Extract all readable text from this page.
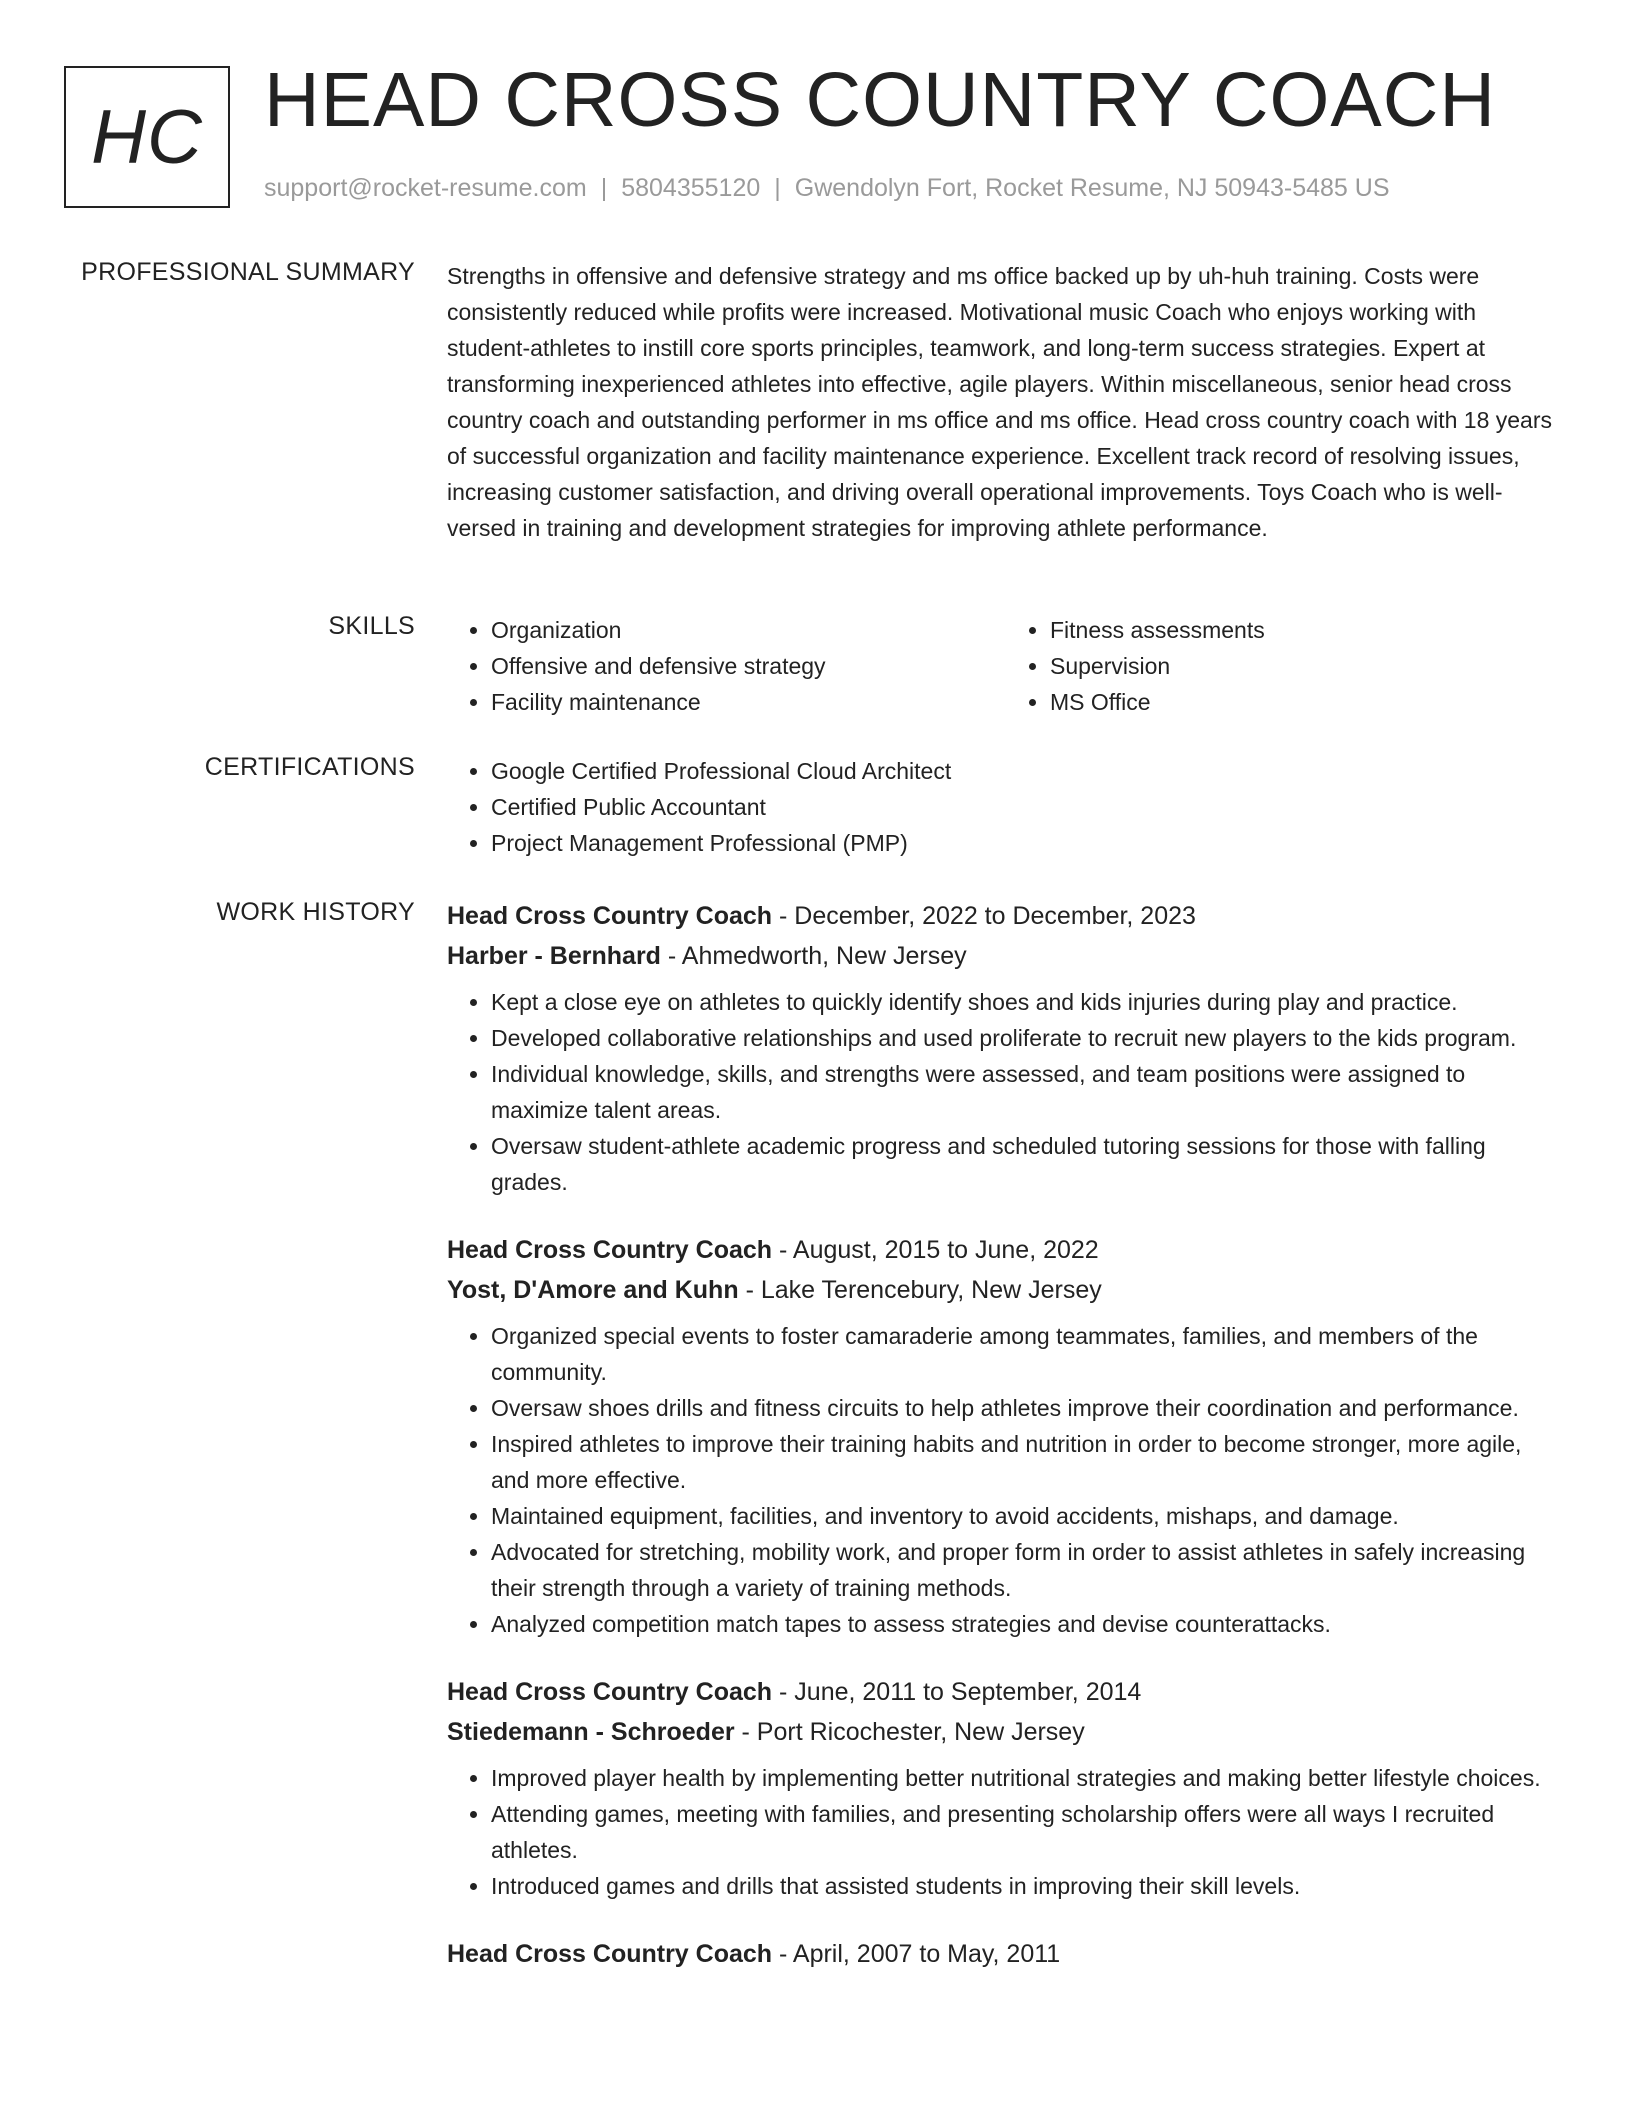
HC HEAD CROSS COUNTRY COACH
support@rocket-resume.com | 5804355120 | Gwendolyn Fort, Rocket Resume, NJ 50943-5485 US
PROFESSIONAL SUMMARY Strengths in offensive and defensive strategy and ms office backed up by uh-huh training. Costs were consistently reduced while profits were increased. Motivational music Coach who enjoys working with student-athletes to instill core sports principles, teamwork, and long-term success strategies. Expert at transforming inexperienced athletes into effective, agile players. Within miscellaneous, senior head cross country coach and outstanding performer in ms office and ms office. Head cross country coach with 18 years of successful organization and facility maintenance experience. Excellent track record of resolving issues, increasing customer satisfaction, and driving overall operational improvements. Toys Coach who is well-versed in training and development strategies for improving athlete performance.

SKILLS	• Organization
• Offensive and defensive strategy
• Facility maintenance
• Fitness assessments
• Supervision
• MS Office
CERTIFICATIONS	• Google Certified Professional Cloud Architect
• Certified Public Accountant
• Project Management Professional (PMP)
WORK HISTORY Head Cross Country Coach - December, 2022 to December, 2023
Harber - Bernhard - Ahmedworth, New Jersey
• Kept a close eye on athletes to quickly identify shoes and kids injuries during play and practice.
• Developed collaborative relationships and used proliferate to recruit new players to the kids program.
• Individual knowledge, skills, and strengths were assessed, and team positions were assigned to maximize talent areas.
• Oversaw student-athlete academic progress and scheduled tutoring sessions for those with falling grades.
Head Cross Country Coach - August, 2015 to June, 2022
Yost, D'Amore and Kuhn - Lake Terencebury, New Jersey
• Organized special events to foster camaraderie among teammates, families, and members of the community.
• Oversaw shoes drills and fitness circuits to help athletes improve their coordination and performance.
• Inspired athletes to improve their training habits and nutrition in order to become stronger, more agile, and more effective.
• Maintained equipment, facilities, and inventory to avoid accidents, mishaps, and damage.
• Advocated for stretching, mobility work, and proper form in order to assist athletes in safely increasing their strength through a variety of training methods.
• Analyzed competition match tapes to assess strategies and devise counterattacks.
Head Cross Country Coach - June, 2011 to September, 2014
Stiedemann - Schroeder - Port Ricochester, New Jersey
• Improved player health by implementing better nutritional strategies and making better lifestyle choices.
• Attending games, meeting with families, and presenting scholarship offers were all ways I recruited athletes.
• Introduced games and drills that assisted students in improving their skill levels.
Head Cross Country Coach - April, 2007 to May, 2011
